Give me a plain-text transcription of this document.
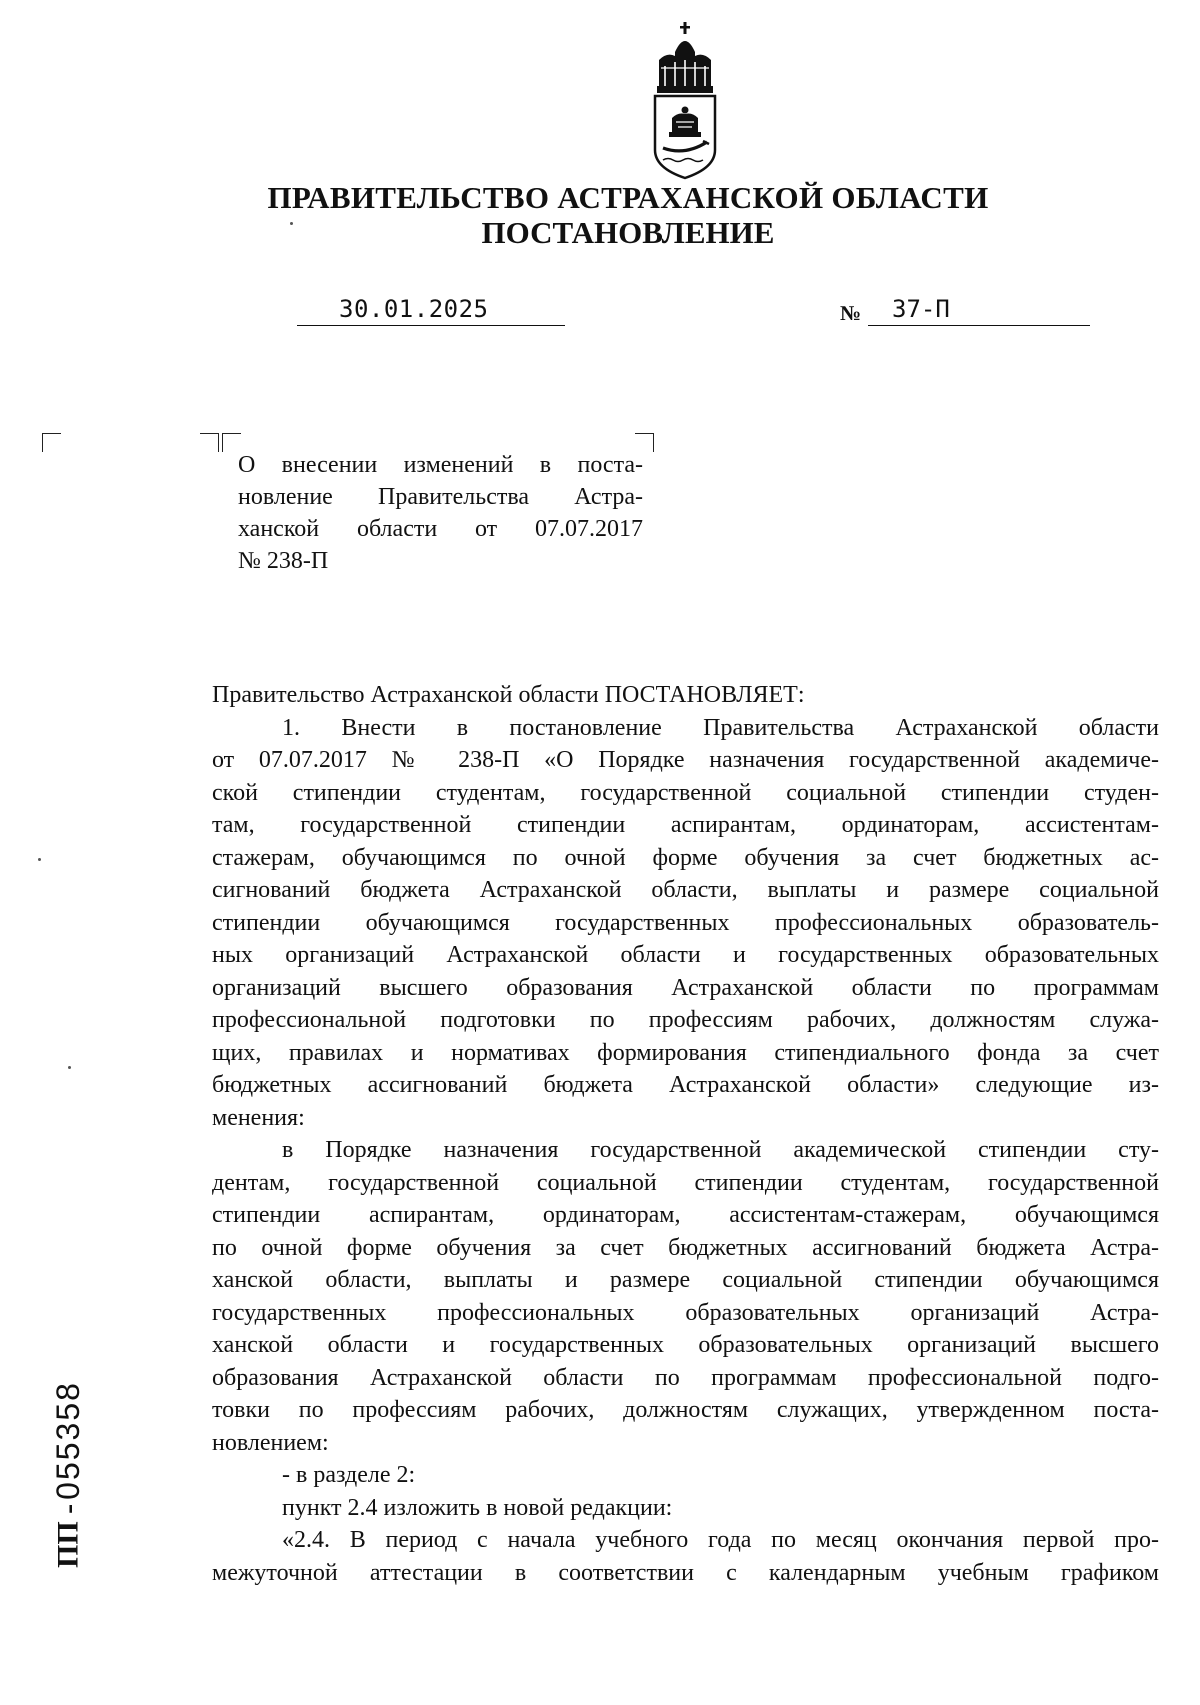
ПРАВИТЕЛЬСТВО АСТРАХАНСКОЙ ОБЛАСТИ
ПОСТАНОВЛЕНИЕ
30.01.2025	№ 37-П
О внесении изменений в поста-
новление Правительства Астра-
ханской области от 07.07.2017
№ 238-П
Правительство Астраханской области ПОСТАНОВЛЯЕТ:
1. Внести в постановление Правительства Астраханской области
от 07.07.2017 № 238-П «О Порядке назначения государственной академиче-
ской стипендии студентам, государственной социальной стипендии студен-
там, государственной стипендии аспирантам, ординаторам, ассистентам-
стажерам, обучающимся по очной форме обучения за счет бюджетных ас-
сигнований бюджета Астраханской области, выплаты и размере социальной
стипендии обучающимся государственных профессиональных образователь-
ных организаций Астраханской области и государственных образовательных
организаций высшего образования Астраханской области по программам
профессиональной подготовки по профессиям рабочих, должностям служа-
щих, правилах и нормативах формирования стипендиального фонда за счет
бюджетных ассигнований бюджета Астраханской области» следующие из-
менения:
в Порядке назначения государственной академической стипендии сту-
дентам, государственной социальной стипендии студентам, государственной
стипендии аспирантам, ординаторам, ассистентам-стажерам, обучающимся
по очной форме обучения за счет бюджетных ассигнований бюджета Астра-
ханской области, выплаты и размере социальной стипендии обучающимся
государственных профессиональных образовательных организаций Астра-
ханской области и государственных образовательных организаций высшего
образования Астраханской области по программам профессиональной подго-
товки по профессиям рабочих, должностям служащих, утвержденном поста-
новлением:
- в разделе 2:
пункт 2.4 изложить в новой редакции:
«2.4. В период с начала учебного года по месяц окончания первой про-
межуточной аттестации в соответствии с календарным учебным графиком
ПП - 055358
